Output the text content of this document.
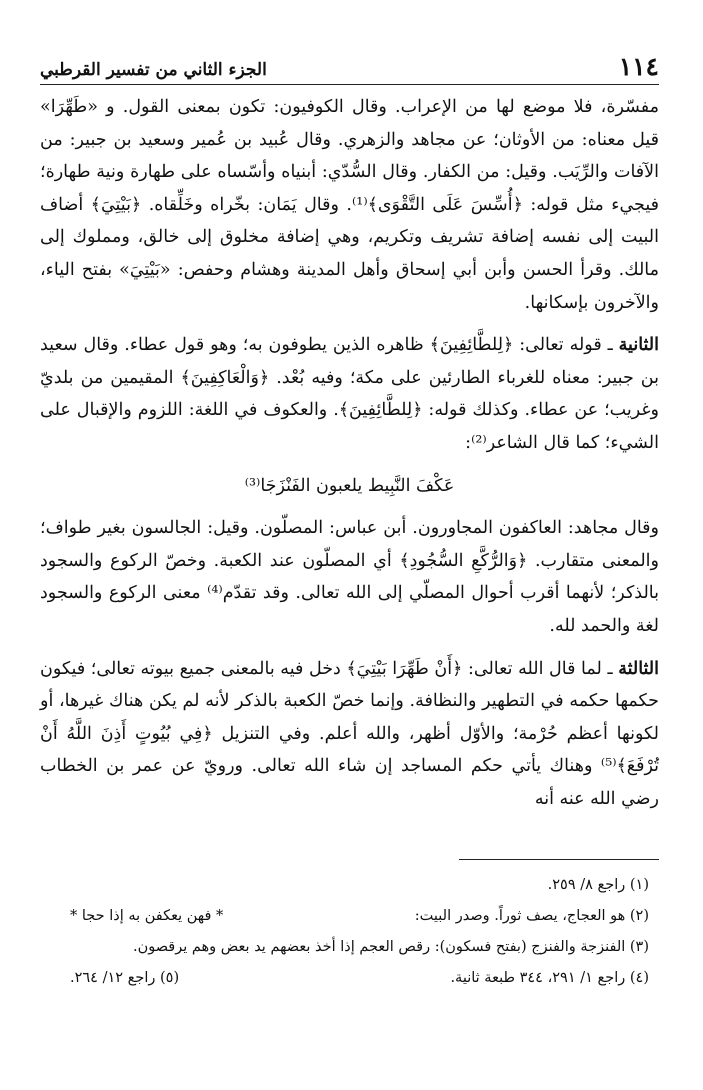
١١٤
الجزء الثاني من تفسير القرطبي

مفسّرة، فلا موضع لها من الإعراب. وقال الكوفيون: تكون بمعنى القول. و «طَهِّرَا» قيل معناه: من الأوثان؛ عن مجاهد والزهري. وقال عُبيد بن عُمير وسعيد بن جبير: من الآفات والرِّيَب. وقيل: من الكفار. وقال السُّدّي: أبنياه وأسّساه على طهارة ونية طهارة؛ فيجيء مثل قوله: ﴿أُسِّسَ عَلَى التَّقْوَى﴾⁽¹⁾. وقال يَمَان: بخّراه وخَلِّقاه. ﴿بَيْتِيَ﴾ أضاف البيت إلى نفسه إضافة تشريف وتكريم، وهي إضافة مخلوق إلى خالق، ومملوك إلى مالك. وقرأ الحسن وأبن أبي إسحاق وأهل المدينة وهشام وحفص: «بَيْتِيَ» بفتح الياء، والآخرون بإسكانها.

الثانية ـ قوله تعالى: ﴿لِلطَّائِفِينَ﴾ ظاهره الذين يطوفون به؛ وهو قول عطاء. وقال سعيد بن جبير: معناه للغرباء الطارئين على مكة؛ وفيه بُعْد. ﴿وَالْعَاكِفِينَ﴾ المقيمين من بلديّ وغريب؛ عن عطاء. وكذلك قوله: ﴿لِلطَّائِفِينَ﴾. والعكوف في اللغة: اللزوم والإقبال على الشيء؛ كما قال الشاعر⁽²⁾:

عَكْفَ النَّبِيط يلعبون الفَنْزَجَا⁽³⁾

وقال مجاهد: العاكفون المجاورون. أبن عباس: المصلّون. وقيل: الجالسون بغير طواف؛ والمعنى متقارب. ﴿وَالرُّكَّعِ السُّجُودِ﴾ أي المصلّون عند الكعبة. وخصّ الركوع والسجود بالذكر؛ لأنهما أقرب أحوال المصلّي إلى الله تعالى. وقد تقدّم⁽⁴⁾ معنى الركوع والسجود لغة والحمد لله.

الثالثة ـ لما قال الله تعالى: ﴿أَنْ طَهِّرَا بَيْتِيَ﴾ دخل فيه بالمعنى جميع بيوته تعالى؛ فيكون حكمها حكمه في التطهير والنظافة. وإنما خصّ الكعبة بالذكر لأنه لم يكن هناك غيرها، أو لكونها أعظم حُرْمة؛ والأوّل أظهر، والله أعلم. وفي التنزيل ﴿فِي بُيُوتٍ أَذِنَ اللَّهُ أَنْ تُرْفَعَ﴾⁽⁵⁾ وهناك يأتي حكم المساجد إن شاء الله تعالى. ورويّ عن عمر بن الخطاب رضي الله عنه أنه

(١) راجع ٨/ ٢٥٩.
(٢) هو العجاج، يصف ثوراً. وصدر البيت:
* فهن يعكفن به إذا حجا *
(٣) الفنزجة والفنزج (بفتح فسكون): رقص العجم إذا أخذ بعضهم يد بعض وهم يرقصون.
(٤) راجع ١/ ٢٩١، ٣٤٤ طبعة ثانية.
(٥) راجع ١٢/ ٢٦٤.
